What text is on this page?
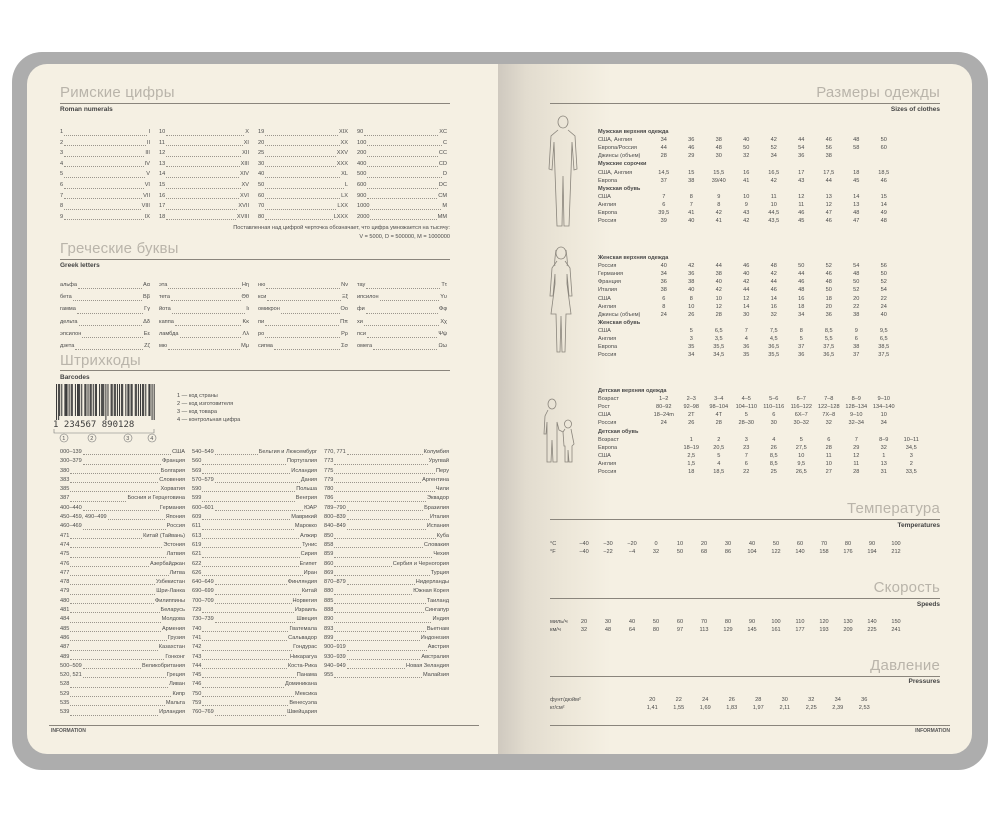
Римские цифры
Roman numerals
1	I
2	II
3	III
4	IV
5	V
6	VI
7	VII
8	VIII
9	IX
10	X
11	XI
12	XII
13	XIII
14	XIV
15	XV
16	XVI
17	XVII
18	XVIII
19	XIX
20	XX
25	XXV
30	XXX
40	XL
50	L
60	LX
70	LXX
80	LXXX
90	XC
100	C
200	CC
400	CD
500	D
600	DC
900	CM
1000	M
2000	MM
Поставленная над цифрой черточка обозначает, что цифра умножается на тысячу:
V = 5000, D = 500000, M = 1000000
Греческие буквы
Greek letters
альфа	Αα
бета	Ββ
гамма	Γγ
дельта	Δδ
эпсилон	Εε
дзета	Ζζ
эта	Ηη
тета	Θθ
йота	Ιι
каппа	Κκ
ламбда	Λλ
мю	Μμ
ню	Νν
кси	Ξξ
омикрон	Οο
пи	Ππ
ро	Ρρ
сигма	Σσ
тау	Ττ
ипсилон	Υυ
фи	Φφ
хи	Χχ
пси	Ψψ
омега	Ωω
Штрихкоды
Barcodes
1 234567 890128
1	2	3	4
1 — код страны
2 — код изготовителя
3 — код товара
4 — контрольная цифра
000–139	США
300–379	Франция
380	Болгария
383	Словения
385	Хорватия
387	Босния и Герцеговина
400–440	Германия
450–459, 490–499	Япония
460–469	Россия
471	Китай (Тайвань)
474	Эстония
475	Латвия
476	Азербайджан
477	Литва
478	Узбекистан
479	Шри-Ланка
480	Филиппины
481	Беларусь
484	Молдова
485	Армения
486	Грузия
487	Казахстан
489	Гонконг
500–509	Великобритания
520, 521	Греция
528	Ливан
529	Кипр
535	Мальта
539	Ирландия
540–549	Бельгия и Люксембург
560	Португалия
569	Исландия
570–579	Дания
590	Польша
599	Венгрия
600–601	ЮАР
609	Маврикий
611	Марокко
613	Алжир
619	Тунис
621	Сирия
622	Египет
626	Иран
640–649	Финляндия
690–699	Китай
700–709	Норвегия
729	Израиль
730–739	Швеция
740	Гватемала
741	Сальвадор
742	Гондурас
743	Никарагуа
744	Коста-Рика
745	Панама
746	Доминикана
750	Мексика
759	Венесуэла
760–769	Швейцария
770, 771	Колумбия
773	Уругвай
775	Перу
779	Аргентина
780	Чили
786	Эквадор
789–790	Бразилия
800–839	Италия
840–849	Испания
850	Куба
858	Словакия
859	Чехия
860	Сербия и Черногория
869	Турция
870–879	Нидерланды
880	Южная Корея
885	Таиланд
888	Сингапур
890	Индия
893	Вьетнам
899	Индонезия
900–919	Австрия
930–939	Австралия
940–949	Новая Зеландия
955	Малайзия
INFORMATION
Размеры одежды
Sizes of clothes
Мужская верхняя одежда									
США, Англия	34	36	38	40	42	44	46	48	50
Европа/Россия	44	46	48	50	52	54	56	58	60
Джинсы (объем)	28	29	30	32	34	36	38		
Мужские сорочки									
США, Англия	14,5	15	15,5	16	16,5	17	17,5	18	18,5
Европа	37	38	39/40	41	42	43	44	45	46
Мужская обувь									
США	7	8	9	10	11	12	13	14	15
Англия	6	7	8	9	10	11	12	13	14
Европа	39,5	41	42	43	44,5	46	47	48	49
Россия	39	40	41	42	43,5	45	46	47	48
Женская верхняя одежда									
Россия	40	42	44	46	48	50	52	54	56
Германия	34	36	38	40	42	44	46	48	50
Франция	36	38	40	42	44	46	48	50	52
Италия	38	40	42	44	46	48	50	52	54
США	6	8	10	12	14	16	18	20	22
Англия	8	10	12	14	16	18	20	22	24
Джинсы (объем)	24	26	28	30	32	34	36	38	40
Женская обувь									
США		5	6,5	7	7,5	8	8,5	9	9,5
Англия		3	3,5	4	4,5	5	5,5	6	6,5
Европа		35	35,5	36	36,5	37	37,5	38	38,5
Россия		34	34,5	35	35,5	36	36,5	37	37,5
Детская верхняя одежда										
Возраст	1–2	2–3	3–4	4–5	5–6	6–7	7–8	8–9	9–10	
Рост	80–92	92–98	98–104	104–110	110–116	116–122	122–128	128–134	134–140	
США	18–24m	2T	4T	5	6	6X–7	7X–8	9–10	10	
Россия	24	26	28	28–30	30	30–32	32	32–34	34	
Детская обувь										
Возраст		1	2	3	4	5	6	7	8–9	10–11
Европа		18–19	20,5	23	26	27,5	28	29	32	34,5
США		2,5	5	7	8,5	10	11	12	1	3
Англия		1,5	4	6	8,5	9,5	10	11	13	2
Россия		18	18,5	22	25	26,5	27	28	31	33,5
Температура
Temperatures
°C	−40	−30	−20	0	10	20	30	40	50	60	70	80	90	100
°F	−40	−22	−4	32	50	68	86	104	122	140	158	176	194	212
Скорость
Speeds
миль/ч	20	30	40	50	60	70	80	90	100	110	120	130	140	150
км/ч	32	48	64	80	97	113	129	145	161	177	193	209	225	241
Давление
Pressures
фунт/дюйм²			20	22	24	26	28	30	32	34	36
кг/см²			1,41	1,55	1,69	1,83	1,97	2,11	2,25	2,39	2,53
INFORMATION
